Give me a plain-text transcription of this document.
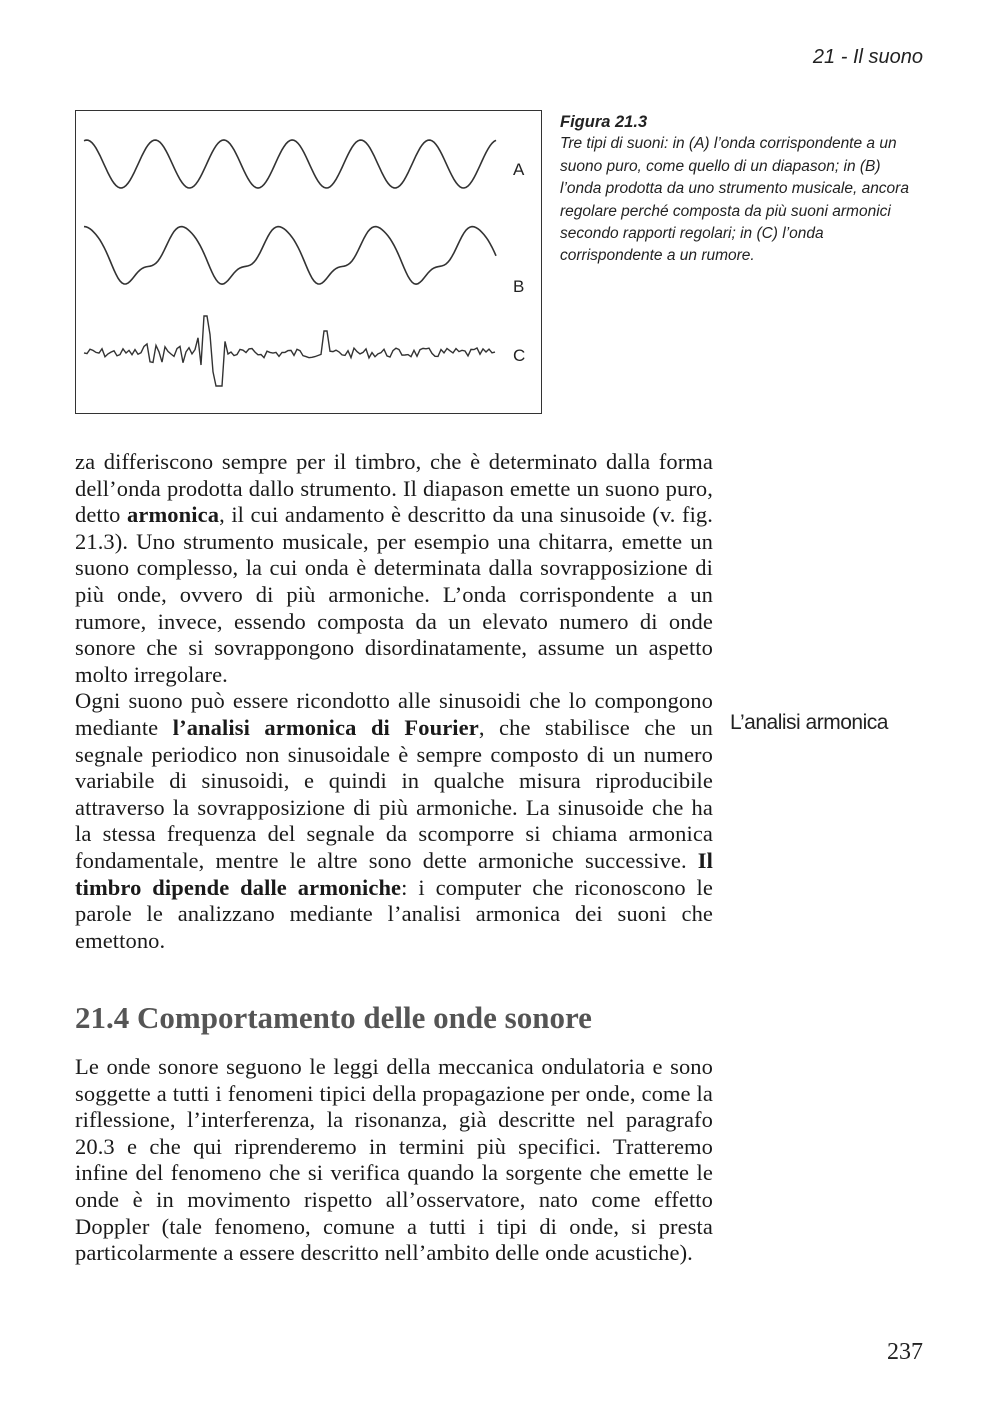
21 - Il suono
A
B
C
Figura 21.3
Tre tipi di suoni: in (A) l’onda corrispondente a un suono puro, come quello di un diapason; in (B) l’onda prodotta da uno strumento musicale, ancora regolare perché composta da più suoni armonici secondo rapporti regolari; in (C) l’onda corrispondente a un rumore.

za differiscono sempre per il timbro, che è determinato dalla forma dell’onda prodotta dallo strumento. Il diapason emette un suono puro, detto armonica, il cui andamento è descritto da una sinusoide (v. fig. 21.3). Uno strumento musicale, per esempio una chitarra, emette un suono complesso, la cui onda è determinata dalla sovrapposizione di più onde, ovvero di più armoniche. L’onda corrispondente a un rumore, invece, essendo composta da un elevato numero di onde sonore che si sovrappongono disordinatamente, assume un aspetto molto irregolare.

Ogni suono può essere ricondotto alle sinusoidi che lo compongono mediante l’analisi armonica di Fourier, che stabilisce che un segnale periodico non sinusoidale è sempre composto di un numero variabile di sinusoidi, e quindi in qualche misura riproducibile attraverso la sovrapposizione di più armoniche. La sinusoide che ha la stessa frequenza del segnale da scomporre si chiama armonica fondamentale, mentre le altre sono dette armoniche successive. Il timbro dipende dalle armoniche: i computer che riconoscono le parole le analizzano mediante l’analisi armonica dei suoni che emettono.

L’analisi armonica
21.4 Comportamento delle onde sonore

Le onde sonore seguono le leggi della meccanica ondulatoria e sono soggette a tutti i fenomeni tipici della propagazione per onde, come la riflessione, l’interferenza, la risonanza, già descritte nel paragrafo 20.3 e che qui riprenderemo in termini più specifici. Tratteremo infine del fenomeno che si verifica quando la sorgente che emette le onde è in movimento rispetto all’osservatore, nato come effetto Doppler (tale fenomeno, comune a tutti i tipi di onde, si presta particolarmente a essere descritto nell’ambito delle onde acustiche).

237
